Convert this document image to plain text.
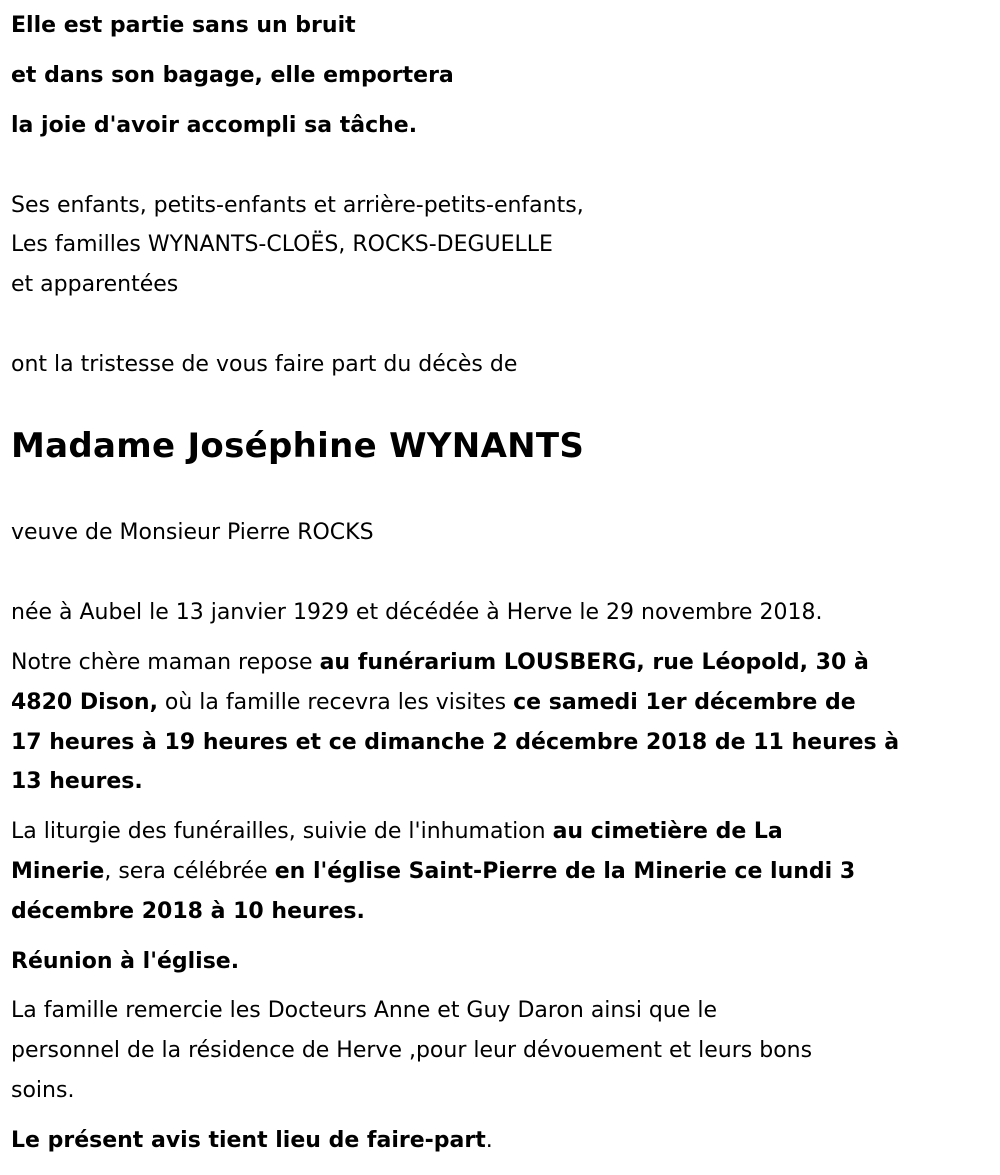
Elle est partie sans un bruit
et dans son bagage, elle emportera
la joie d'avoir accompli sa tâche.
Ses enfants, petits-enfants et arrière-petits-enfants,
Les familles WYNANTS-CLOËS, ROCKS-DEGUELLE
et apparentées
ont la tristesse de vous faire part du décès de
Madame Joséphine WYNANTS
veuve de Monsieur Pierre ROCKS
née à Aubel le 13 janvier 1929 et décédée à Herve le 29 novembre 2018.
Notre chère maman repose au funérarium LOUSBERG, rue Léopold, 30 à
4820 Dison, où la famille recevra les visites ce samedi 1er décembre de
17 heures à 19 heures et ce dimanche 2 décembre 2018 de 11 heures à
13 heures.
La liturgie des funérailles, suivie de l'inhumation au cimetière de La
Minerie, sera célébrée en l'église Saint-Pierre de la Minerie ce lundi 3
décembre 2018 à 10 heures.
Réunion à l'église.
La famille remercie les Docteurs Anne et Guy Daron ainsi que le
personnel de la résidence de Herve ,pour leur dévouement et leurs bons
soins.
Le présent avis tient lieu de faire-part.
